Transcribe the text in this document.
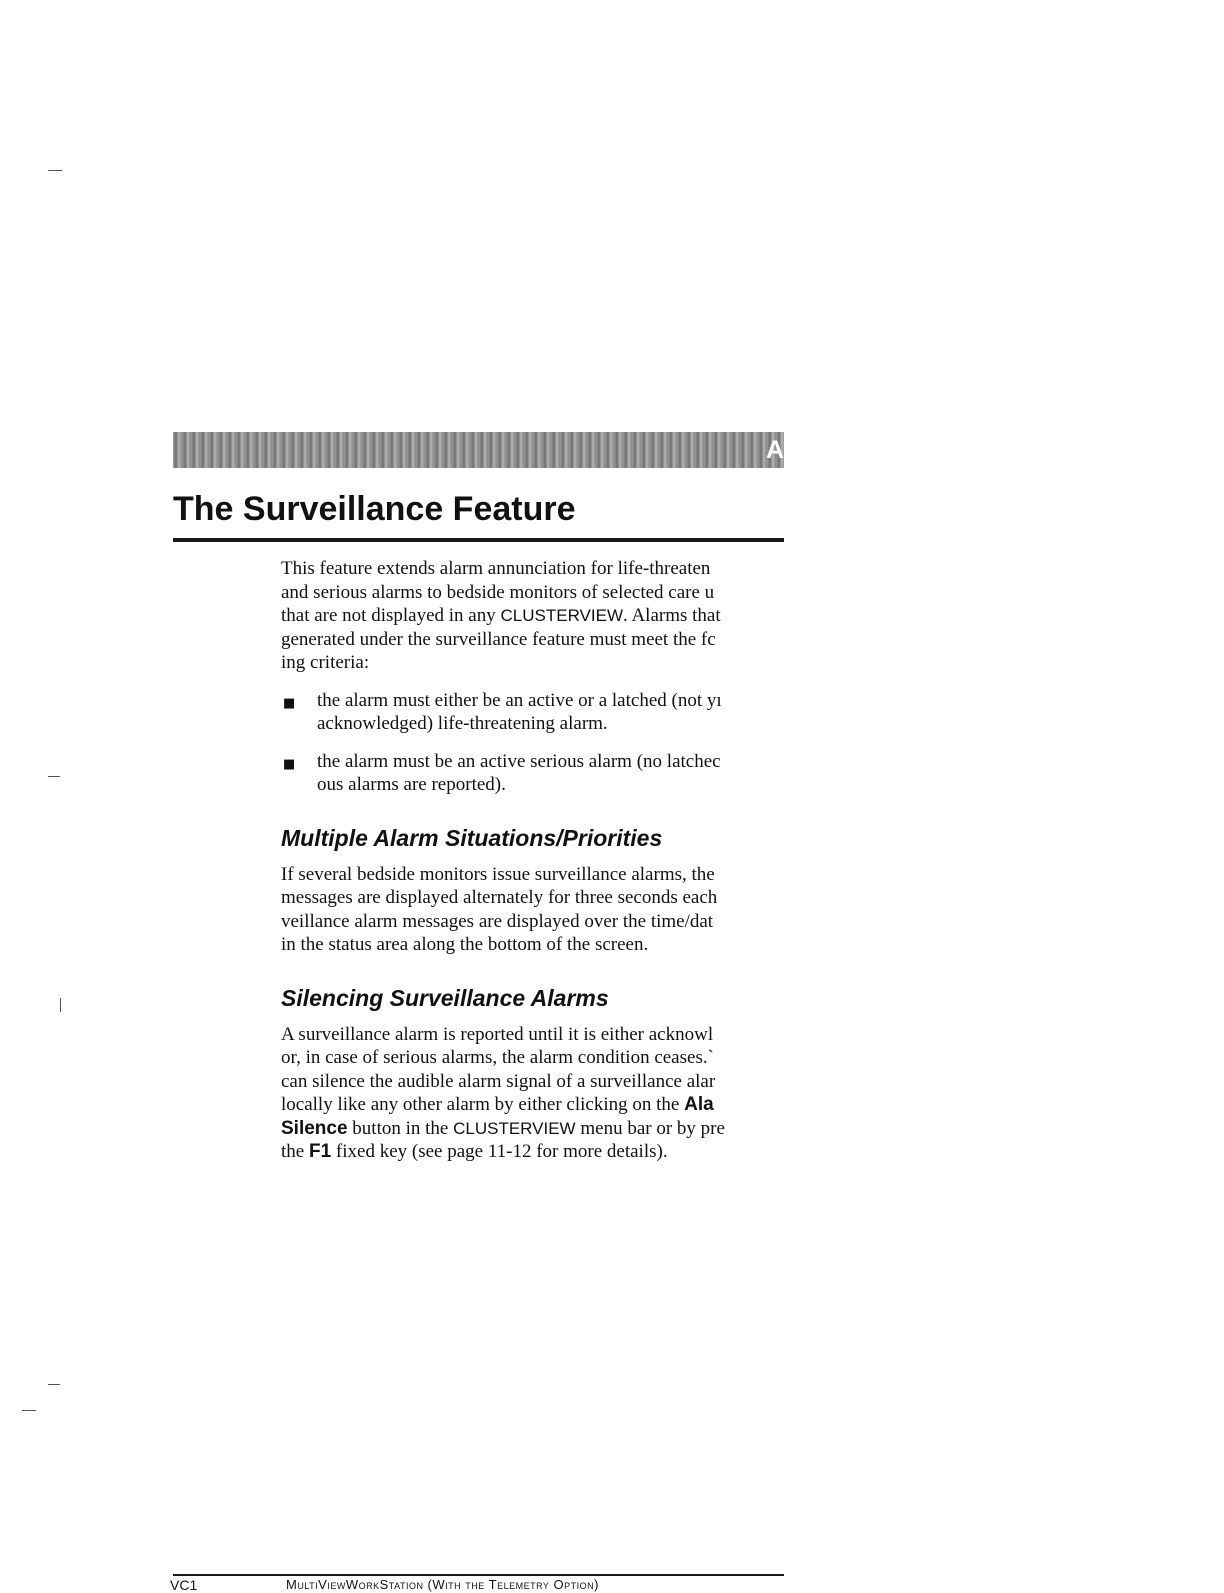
A
The Surveillance Feature
This feature extends alarm annunciation for life-threaten
and serious alarms to bedside monitors of selected care u
that are not displayed in any CLUSTERVIEW. Alarms that
generated under the surveillance feature must meet the fc
ing criteria:
■ the alarm must either be an active or a latched (not yı
acknowledged) life-threatening alarm.
■ the alarm must be an active serious alarm (no latchec
ous alarms are reported).
Multiple Alarm Situations/Priorities
If several bedside monitors issue surveillance alarms, the
messages are displayed alternately for three seconds each
veillance alarm messages are displayed over the time/dat
in the status area along the bottom of the screen.
Silencing Surveillance Alarms
A surveillance alarm is reported until it is either acknowl
or, in case of serious alarms, the alarm condition ceases.`
can silence the audible alarm signal of a surveillance alar
locally like any other alarm by either clicking on the Ala
Silence button in the CLUSTERVIEW menu bar or by pre
the F1 fixed key (see page 11-12 for more details).
VC1	MultiViewWorkStation (With the Telemetry Option)
